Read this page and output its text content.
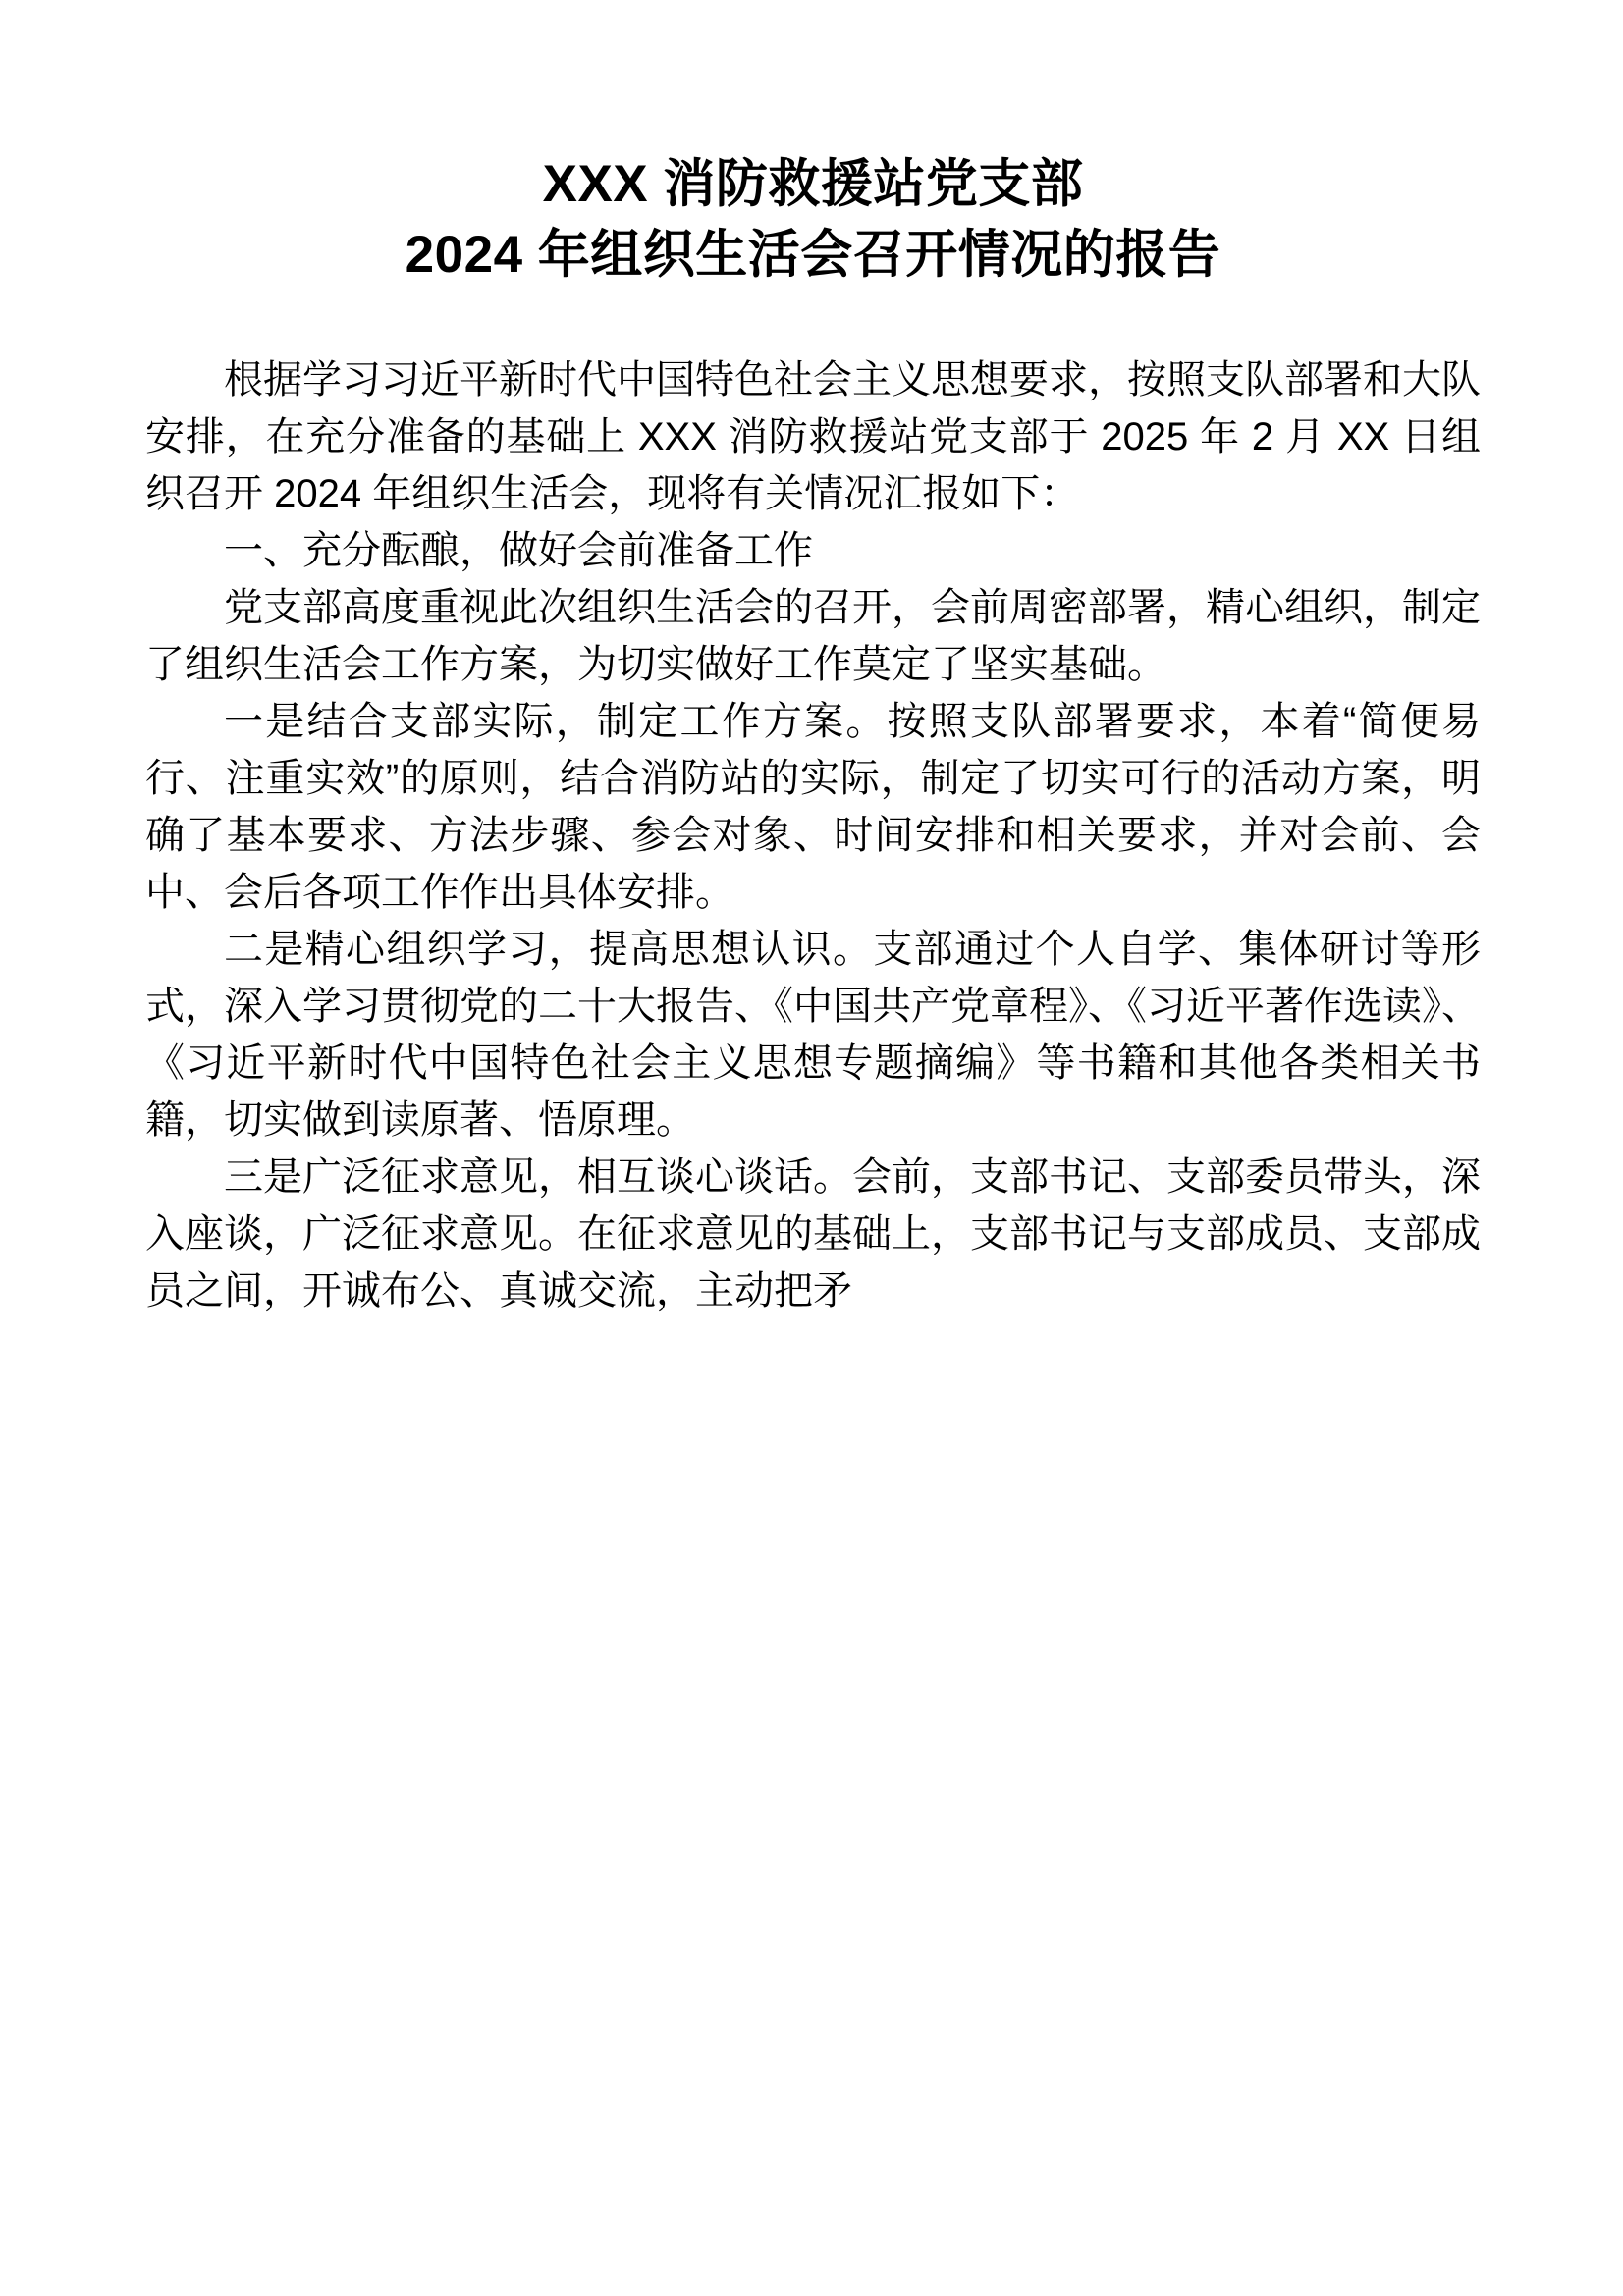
XXX 消防救援站党支部
2024 年组织生活会召开情况的报告

根据学习习近平新时代中国特色社会主义思想要求，按照支队部署和大队安排，在充分准备的基础上 XXX 消防救援站党支部于 2025 年 2 月 XX 日组织召开 2024 年组织生活会，现将有关情况汇报如下：

一、充分酝酿，做好会前准备工作

党支部高度重视此次组织生活会的召开，会前周密部署，精心组织，制定了组织生活会工作方案，为切实做好工作莫定了坚实基础。

一是结合支部实际，制定工作方案。按照支队部署要求，本着“简便易行、注重实效”的原则，结合消防站的实际，制定了切实可行的活动方案，明确了基本要求、方法步骤、参会对象、时间安排和相关要求，并对会前、会中、会后各项工作作出具体安排。

二是精心组织学习，提高思想认识。支部通过个人自学、集体研讨等形式，深入学习贯彻党的二十大报告、《中国共产党章程》、《习近平著作选读》、《习近平新时代中国特色社会主义思想专题摘编》等书籍和其他各类相关书籍，切实做到读原著、悟原理。

三是广泛征求意见，相互谈心谈话。会前，支部书记、支部委员带头，深入座谈，广泛征求意见。在征求意见的基础上，支部书记与支部成员、支部成员之间，开诚布公、真诚交流，主动把矛
